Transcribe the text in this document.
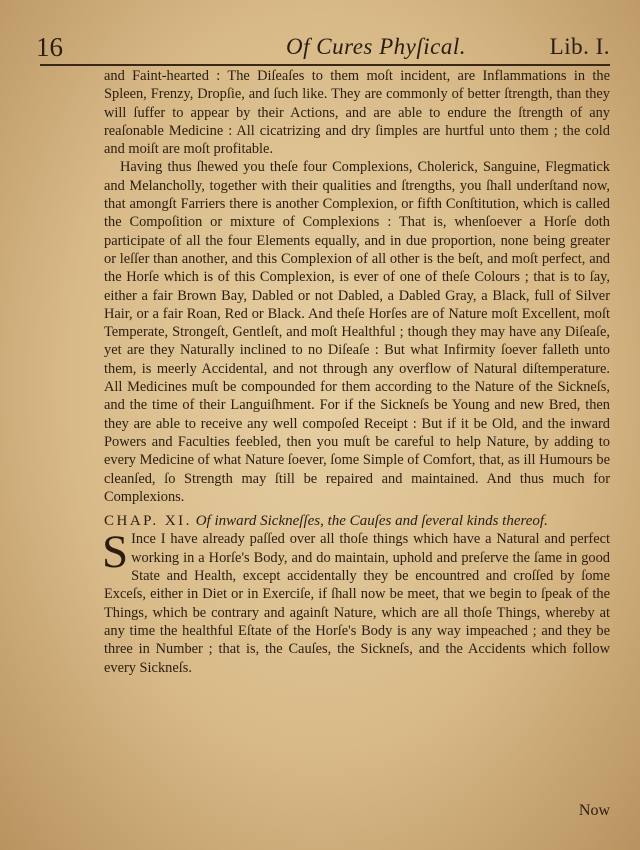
16	Of Cures Phyſical.	Lib. I.

and Faint-hearted : The Diſeaſes to them moſt incident, are Inflammations in the Spleen, Frenzy, Dropſie, and ſuch like. They are commonly of better ſtrength, than they will ſuffer to appear by their Actions, and are able to endure the ſtrength of any reaſonable Medicine : All cicatrizing and dry ſimples are hurtful unto them ; the cold and moiſt are moſt profitable.

Having thus ſhewed you theſe four Complexions, Cholerick, Sanguine, Flegmatick and Melancholly, together with their qualities and ſtrengths, you ſhall underſtand now, that amongſt Farriers there is another Complexion, or fifth Conſtitution, which is called the Compoſition or mixture of Complexions : That is, whenſoever a Horſe doth participate of all the four Elements equally, and in due proportion, none being greater or leſſer than another, and this Complexion of all other is the beſt, and moſt perfect, and the Horſe which is of this Complexion, is ever of one of theſe Colours ; that is to ſay, either a fair Brown Bay, Dabled or not Dabled, a Dabled Gray, a Black, full of Silver Hair, or a fair Roan, Red or Black. And theſe Horſes are of Nature moſt Excellent, moſt Temperate, Strongeſt, Gentleſt, and moſt Healthful ; though they may have any Diſeaſe, yet are they Naturally inclined to no Diſeaſe : But what Infirmity ſoever falleth unto them, is meerly Accidental, and not through any overflow of Natural diſtemperature. All Medicines muſt be compounded for them according to the Nature of the Sickneſs, and the time of their Languiſhment. For if the Sickneſs be Young and new Bred, then they are able to receive any well compoſed Receipt : But if it be Old, and the inward Powers and Faculties feebled, then you muſt be careful to help Nature, by adding to every Medicine of what Nature ſoever, ſome Simple of Comfort, that, as ill Humours be cleanſed, ſo Strength may ſtill be repaired and maintained. And thus much for Complexions.

CHAP. XI. Of inward Sickneſſes, the Cauſes and ſeveral kinds thereof.

S Ince I have already paſſed over all thoſe things which have a Natural and perfect working in a Horſe's Body, and do maintain, uphold and preſerve the ſame in good State and Health, except accidentally they be encountred and croſſed by ſome Exceſs, either in Diet or in Exerciſe, if ſhall now be meet, that we begin to ſpeak of the Things, which be contrary and againſt Nature, which are all thoſe Things, whereby at any time the healthful Eſtate of the Horſe's Body is any way impeached ; and they be three in Number ; that is, the Cauſes, the Sickneſs, and the Accidents which follow every Sickneſs.

Now
